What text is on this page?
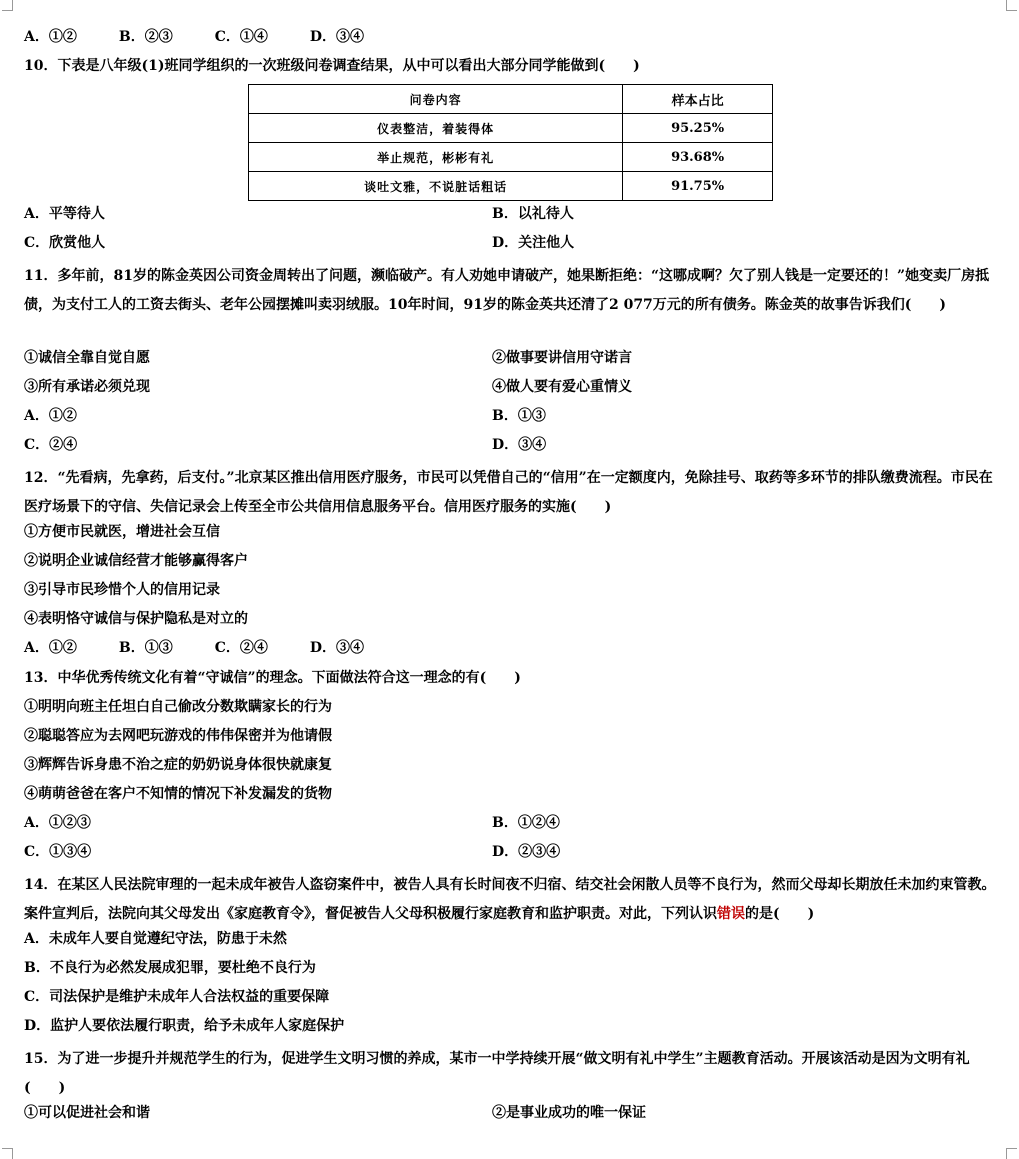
A．①②	B．②③	C．①④	D．③④
10．下表是八年级(1)班同学组织的一次班级问卷调查结果，从中可以看出大部分同学能做到(　　)
问卷内容	样本占比
仪表整洁，着装得体	95.25%
举止规范，彬彬有礼	93.68%
谈吐文雅，不说脏话粗话	91.75%
A．平等待人	B．以礼待人
C．欣赏他人	D．关注他人
11．多年前，81岁的陈金英因公司资金周转出了问题，濒临破产。有人劝她申请破产，她果断拒绝：“这哪成啊？欠了别人钱是一定要还的！”她变卖厂房抵债，为支付工人的工资去街头、老年公园摆摊叫卖羽绒服。10年时间，91岁的陈金英共还清了2 077万元的所有债务。陈金英的故事告诉我们(　　)
①诚信全靠自觉自愿	②做事要讲信用守诺言
③所有承诺必须兑现	④做人要有爱心重情义
A．①②	B．①③
C．②④	D．③④
12．“先看病，先拿药，后支付。”北京某区推出信用医疗服务，市民可以凭借自己的“信用”在一定额度内，免除挂号、取药等多环节的排队缴费流程。市民在医疗场景下的守信、失信记录会上传至全市公共信用信息服务平台。信用医疗服务的实施(　　)
①方便市民就医，增进社会互信
②说明企业诚信经营才能够赢得客户
③引导市民珍惜个人的信用记录
④表明恪守诚信与保护隐私是对立的
A．①②	B．①③	C．②④	D．③④
13．中华优秀传统文化有着“守诚信”的理念。下面做法符合这一理念的有(　　)
①明明向班主任坦白自己偷改分数欺瞒家长的行为
②聪聪答应为去网吧玩游戏的伟伟保密并为他请假
③辉辉告诉身患不治之症的奶奶说身体很快就康复
④萌萌爸爸在客户不知情的情况下补发漏发的货物
A．①②③	B．①②④
C．①③④	D．②③④
14．在某区人民法院审理的一起未成年被告人盗窃案件中，被告人具有长时间夜不归宿、结交社会闲散人员等不良行为，然而父母却长期放任未加约束管教。案件宣判后，法院向其父母发出《家庭教育令》，督促被告人父母积极履行家庭教育和监护职责。对此，下列认识错误的是(　　)
A．未成年人要自觉遵纪守法，防患于未然
B．不良行为必然发展成犯罪，要杜绝不良行为
C．司法保护是维护未成年人合法权益的重要保障
D．监护人要依法履行职责，给予未成年人家庭保护
15．为了进一步提升并规范学生的行为，促进学生文明习惯的养成，某市一中学持续开展“做文明有礼中学生”主题教育活动。开展该活动是因为文明有礼(　　)
①可以促进社会和谐	②是事业成功的唯一保证
